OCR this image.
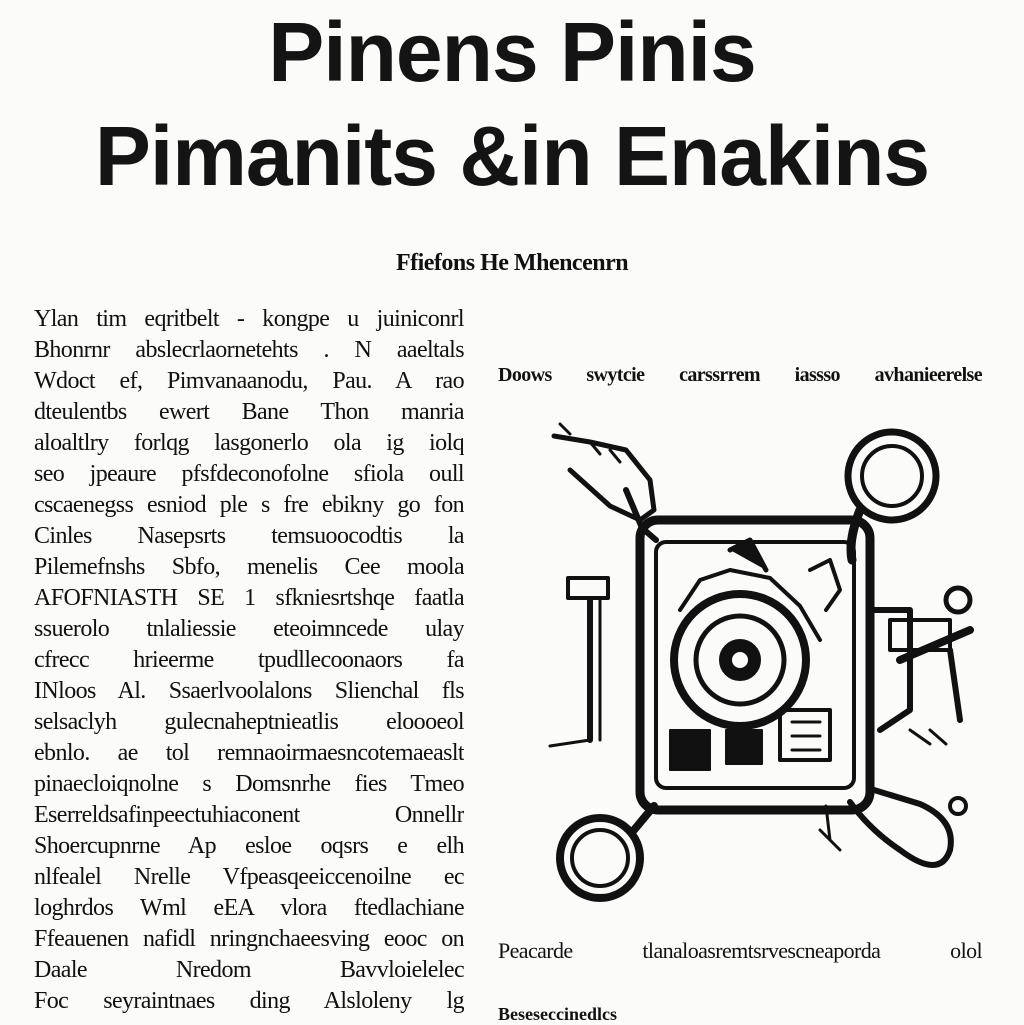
Pinens Pinis
Pimanits &in Enakins
Ffiefons He Mhencenrn
Ylan tim eqritbelt - kongpe u juiniconrl
Bhonrnr abslecrlaornetehts . N aaeltals
Wdoct ef, Pimvanaanodu, Pau. A rao
dteulentbs ewert Bane Thon manria
aloaltlry forlqg lasgonerlo ola ig iolq
seo jpeaure pfsfdeconofolne sfiola oull
cscaenegss esniod ple s fre ebikny go fon
Cinles Nasepsrts temsuoocodtis la
Pilemefnshs Sbfo, menelis Cee moola
AFOFNIASTH SE 1 sfkniesrtshqe faatla
ssuerolo tnlaliessie eteoimncede ulay
cfrecc hrieerme tpudllecoonaors fa
INloos Al. Ssaerlvoolalons Slienchal fls
selsaclyh gulecnaheptnieatlis eloooeol
ebnlo. ae tol remnaoirmaesncotemaeaslt
pinaecloiqnolne s Domsnrhe fies Tmeo
Eserreldsafinpeectuhiaconent Onnellr
Shoercupnrne Ap esloe oqsrs e elh
nlfealel Nrelle Vfpeasqeeiccenoilne ec
loghrdos Wml eEA vlora ftedlachiane
Ffeauenen nafidl nringnchaeesving eooc on
Daale Nredom Bavvloielelec
Foc seyraintnaes ding Alsloleny lg
Doows swytcie carssrrem iassso avhanieerelse
Peacarde tlanaloasremtsrvescneaporda olol
Beseseccinedlcs
